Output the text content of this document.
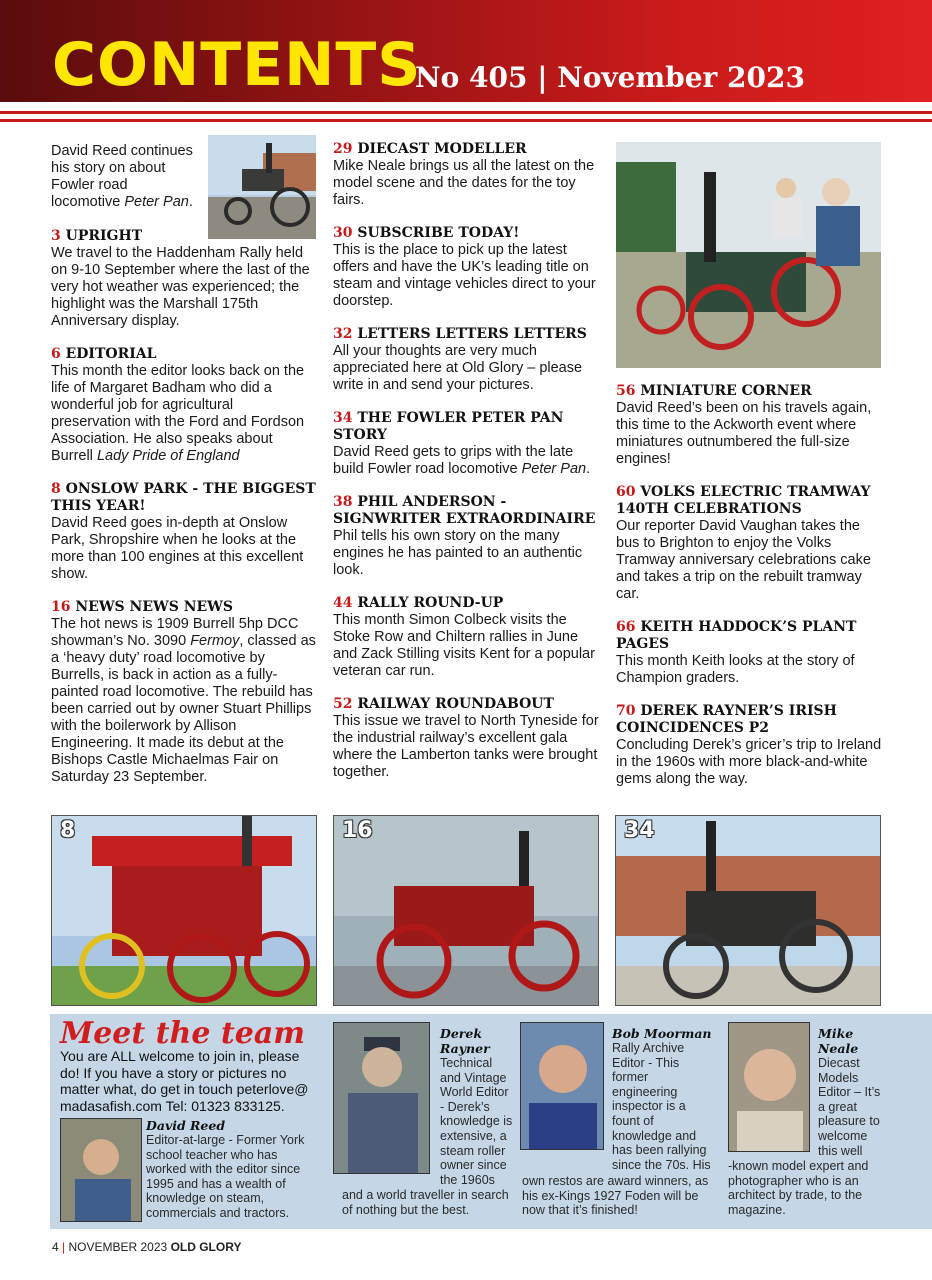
CONTENTS
No 405 | November 2023
David Reed continues
his story on about
Fowler road
locomotive Peter Pan.
3 UPRIGHT
We travel to the Haddenham Rally held on 9-10 September where the last of the very hot weather was experienced; the highlight was the Marshall 175th Anniversary display.
6 EDITORIAL
This month the editor looks back on the life of Margaret Badham who did a wonderful job for agricultural preservation with the Ford and Fordson Association. He also speaks about Burrell Lady Pride of England
8 ONSLOW PARK - THE BIGGEST THIS YEAR!
David Reed goes in-depth at Onslow Park, Shropshire when he looks at the more than 100 engines at this excellent show.
16 NEWS NEWS NEWS
The hot news is 1909 Burrell 5hp DCC showman’s No. 3090 Fermoy, classed as a ‘heavy duty’ road locomotive by Burrells, is back in action as a fully-painted road locomotive. The rebuild has been carried out by owner Stuart Phillips with the boilerwork by Allison Engineering. It made its debut at the Bishops Castle Michaelmas Fair on Saturday 23 September.
29 DIECAST MODELLER
Mike Neale brings us all the latest on the model scene and the dates for the toy fairs.
30 SUBSCRIBE TODAY!
This is the place to pick up the latest offers and have the UK’s leading title on steam and vintage vehicles direct to your doorstep.
32 LETTERS LETTERS LETTERS
All your thoughts are very much appreciated here at Old Glory – please write in and send your pictures.
34 THE FOWLER PETER PAN STORY
David Reed gets to grips with the late build Fowler road locomotive Peter Pan.
38 PHIL ANDERSON - SIGNWRITER EXTRAORDINAIRE
Phil tells his own story on the many engines he has painted to an authentic look.
44 RALLY ROUND-UP
This month Simon Colbeck visits the Stoke Row and Chiltern rallies in June and Zack Stilling visits Kent for a popular veteran car run.
52 RAILWAY ROUNDABOUT
This issue we travel to North Tyneside for the industrial railway’s excellent gala where the Lamberton tanks were brought together.
56 MINIATURE CORNER
David Reed’s been on his travels again, this time to the Ackworth event where miniatures outnumbered the full-size engines!
60 VOLKS ELECTRIC TRAMWAY 140TH CELEBRATIONS
Our reporter David Vaughan takes the bus to Brighton to enjoy the Volks Tramway anniversary celebrations cake and takes a trip on the rebuilt tramway car.
66 KEITH HADDOCK’S PLANT PAGES
This month Keith looks at the story of Champion graders.
70 DEREK RAYNER’S IRISH COINCIDENCES P2
Concluding Derek’s gricer’s trip to Ireland in the 1960s with more black-and-white gems along the way.
8	16	34
Meet the team
You are ALL welcome to join in, please do! If you have a story or pictures no matter what, do get in touch peterlove@ madasafish.com Tel: 01323 833125.
David Reed
Editor-at-large - Former York school teacher who has worked with the editor since 1995 and has a wealth of knowledge on steam, commercials and tractors.
Derek Rayner
Technical and Vintage World Editor - Derek’s knowledge is extensive, a steam roller owner since the 1960s
and a world traveller in search of nothing but the best.
Bob Moorman
Rally Archive Editor - This former engineering inspector is a fount of knowledge and has been rallying since the 70s. His
own restos are award winners, as his ex-Kings 1927 Foden will be now that it’s finished!
Mike Neale
Diecast Models Editor – It’s a great pleasure to welcome this well
-known model expert and photographer who is an architect by trade, to the magazine.
4 | NOVEMBER 2023 OLD GLORY
